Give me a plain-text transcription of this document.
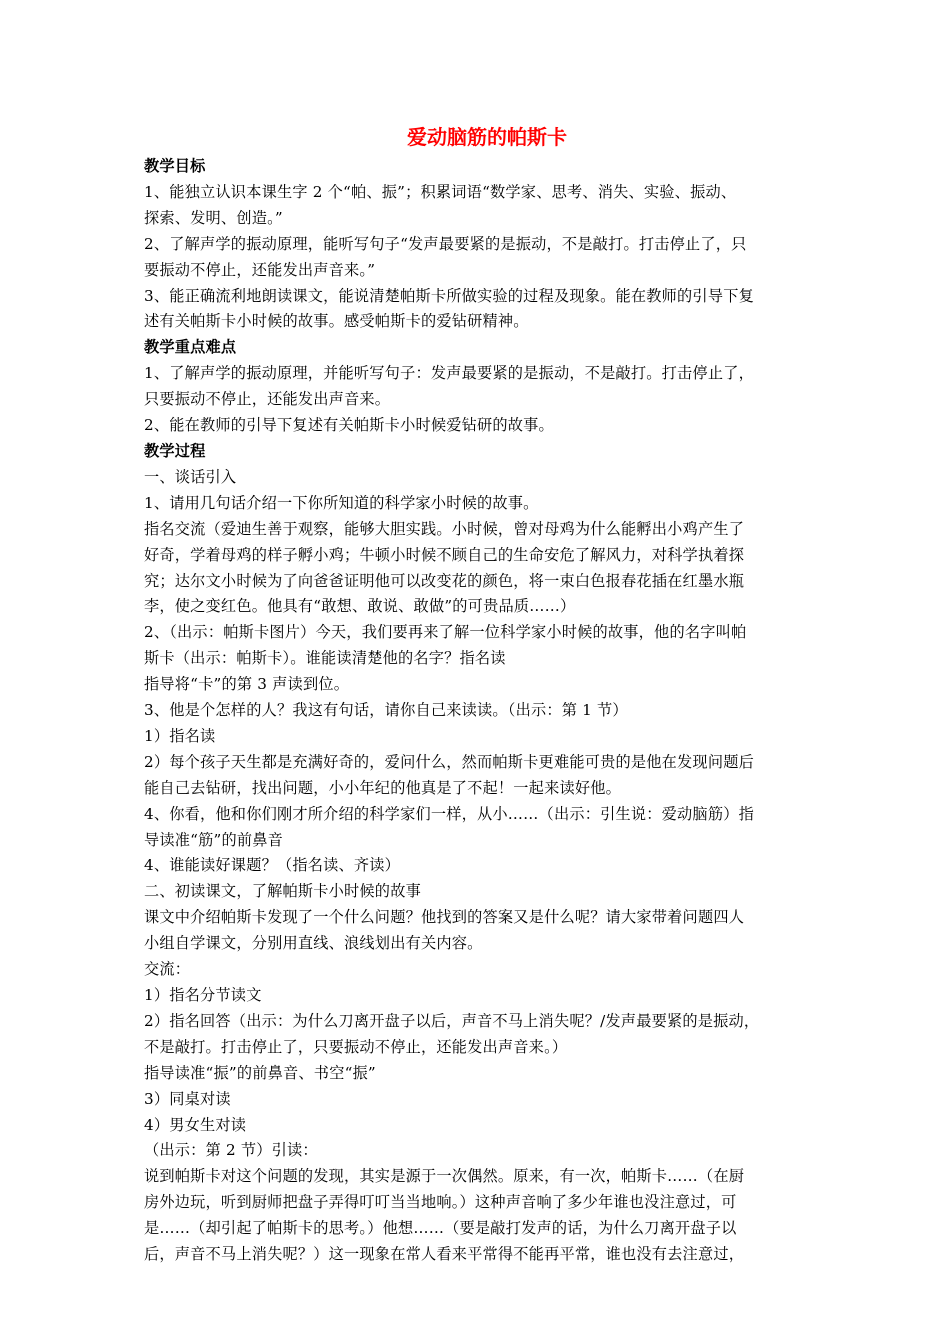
爱动脑筋的帕斯卡

教学目标

1、能独立认识本课生字 2 个“帕、振”；积累词语“数学家、思考、消失、实验、振动、

探索、发明、创造。”

2、了解声学的振动原理，能听写句子“发声最要紧的是振动，不是敲打。打击停止了，只

要振动不停止，还能发出声音来。”

3、能正确流利地朗读课文，能说清楚帕斯卡所做实验的过程及现象。能在教师的引导下复

述有关帕斯卡小时候的故事。感受帕斯卡的爱钻研精神。

教学重点难点

1、了解声学的振动原理，并能听写句子：发声最要紧的是振动，不是敲打。打击停止了，

只要振动不停止，还能发出声音来。

2、能在教师的引导下复述有关帕斯卡小时候爱钻研的故事。

教学过程

一、谈话引入

1、请用几句话介绍一下你所知道的科学家小时候的故事。

指名交流（爱迪生善于观察，能够大胆实践。小时候，曾对母鸡为什么能孵出小鸡产生了

好奇，学着母鸡的样子孵小鸡；牛顿小时候不顾自己的生命安危了解风力，对科学执着探

究；达尔文小时候为了向爸爸证明他可以改变花的颜色，将一束白色报春花插在红墨水瓶

李，使之变红色。他具有“敢想、敢说、敢做”的可贵品质……）

2、（出示：帕斯卡图片）今天，我们要再来了解一位科学家小时候的故事，他的名字叫帕

斯卡（出示：帕斯卡）。谁能读清楚他的名字？指名读

指导将“卡”的第 3 声读到位。

3、他是个怎样的人？我这有句话，请你自己来读读。（出示：第 1 节）

1）指名读

2）每个孩子天生都是充满好奇的，爱问什么，然而帕斯卡更难能可贵的是他在发现问题后

能自己去钻研，找出问题，小小年纪的他真是了不起！一起来读好他。

4、你看，他和你们刚才所介绍的科学家们一样，从小……（出示：引生说：爱动脑筋）指

导读准“筋”的前鼻音

4、谁能读好课题？（指名读、齐读）

二、初读课文，了解帕斯卡小时候的故事

课文中介绍帕斯卡发现了一个什么问题？他找到的答案又是什么呢？请大家带着问题四人

小组自学课文，分别用直线、浪线划出有关内容。

交流：

1）指名分节读文

2）指名回答（出示：为什么刀离开盘子以后，声音不马上消失呢？/发声最要紧的是振动，

不是敲打。打击停止了，只要振动不停止，还能发出声音来。）

指导读准“振”的前鼻音、书空“振”

3）同桌对读

4）男女生对读

（出示：第 2 节）引读：

说到帕斯卡对这个问题的发现，其实是源于一次偶然。原来，有一次，帕斯卡……（在厨

房外边玩，听到厨师把盘子弄得叮叮当当地响。）这种声音响了多少年谁也没注意过，可

是……（却引起了帕斯卡的思考。）他想……（要是敲打发声的话，为什么刀离开盘子以

后，声音不马上消失呢？）这一现象在常人看来平常得不能再平常，谁也没有去注意过，
